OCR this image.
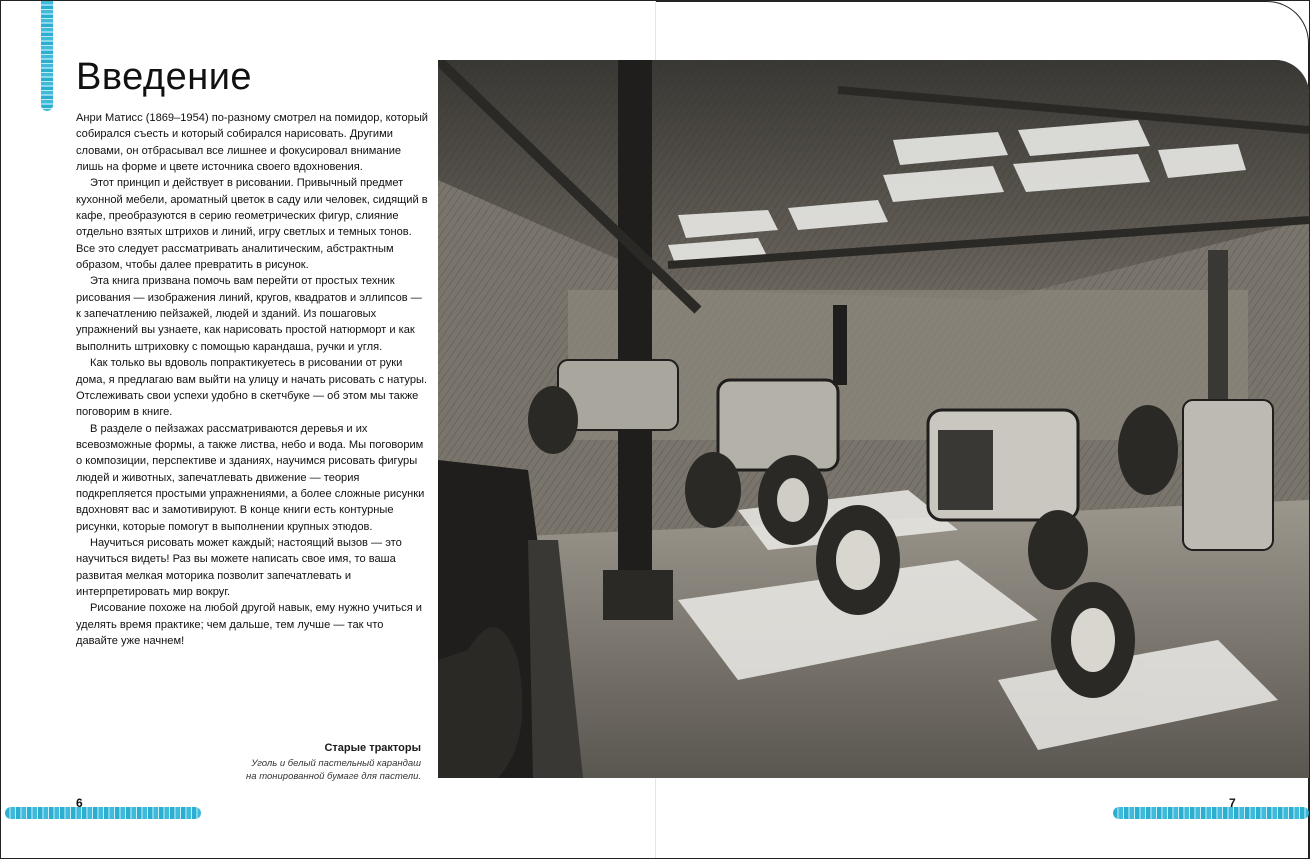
Введение

Анри Матисс (1869–1954) по-разному смотрел на помидор, который собирался съесть и который собирался нарисовать. Другими словами, он отбрасывал все лишнее и фокусировал внимание лишь на форме и цвете источника своего вдохновения.

Этот принцип и действует в рисовании. Привычный предмет кухонной мебели, ароматный цветок в саду или человек, сидящий в кафе, преобразуются в серию геометрических фигур, слияние отдельно взятых штрихов и линий, игру светлых и темных тонов. Все это следует рассматривать аналитическим, абстрактным образом, чтобы далее превратить в рисунок.

Эта книга призвана помочь вам перейти от простых техник рисования — изображения линий, кругов, квадратов и эллипсов — к запечатлению пейзажей, людей и зданий. Из пошаговых упражнений вы узнаете, как нарисовать простой натюрморт и как выполнить штриховку с помощью карандаша, ручки и угля.

Как только вы вдоволь попрактикуетесь в рисовании от руки дома, я предлагаю вам выйти на улицу и начать рисовать с натуры. Отслеживать свои успехи удобно в скетчбуке — об этом мы также поговорим в книге.

В разделе о пейзажах рассматриваются деревья и их всевозможные формы, а также листва, небо и вода. Мы поговорим о композиции, перспективе и зданиях, научимся рисовать фигуры людей и животных, запечатлевать движение — теория подкрепляется простыми упражнениями, а более сложные рисунки вдохновят вас и замотивируют. В конце книги есть контурные рисунки, которые помогут в выполнении крупных этюдов.

Научиться рисовать может каждый; настоящий вызов — это научиться видеть! Раз вы можете написать свое имя, то ваша развитая мелкая моторика позволит запечатлевать и интерпретировать мир вокруг.

Рисование похоже на любой другой навык, ему нужно учиться и уделять время практике; чем дальше, тем лучше — так что давайте уже начнем!

Старые тракторы
Уголь и белый пастельный карандаш
на тонированной бумаге для пастели.
6	7
